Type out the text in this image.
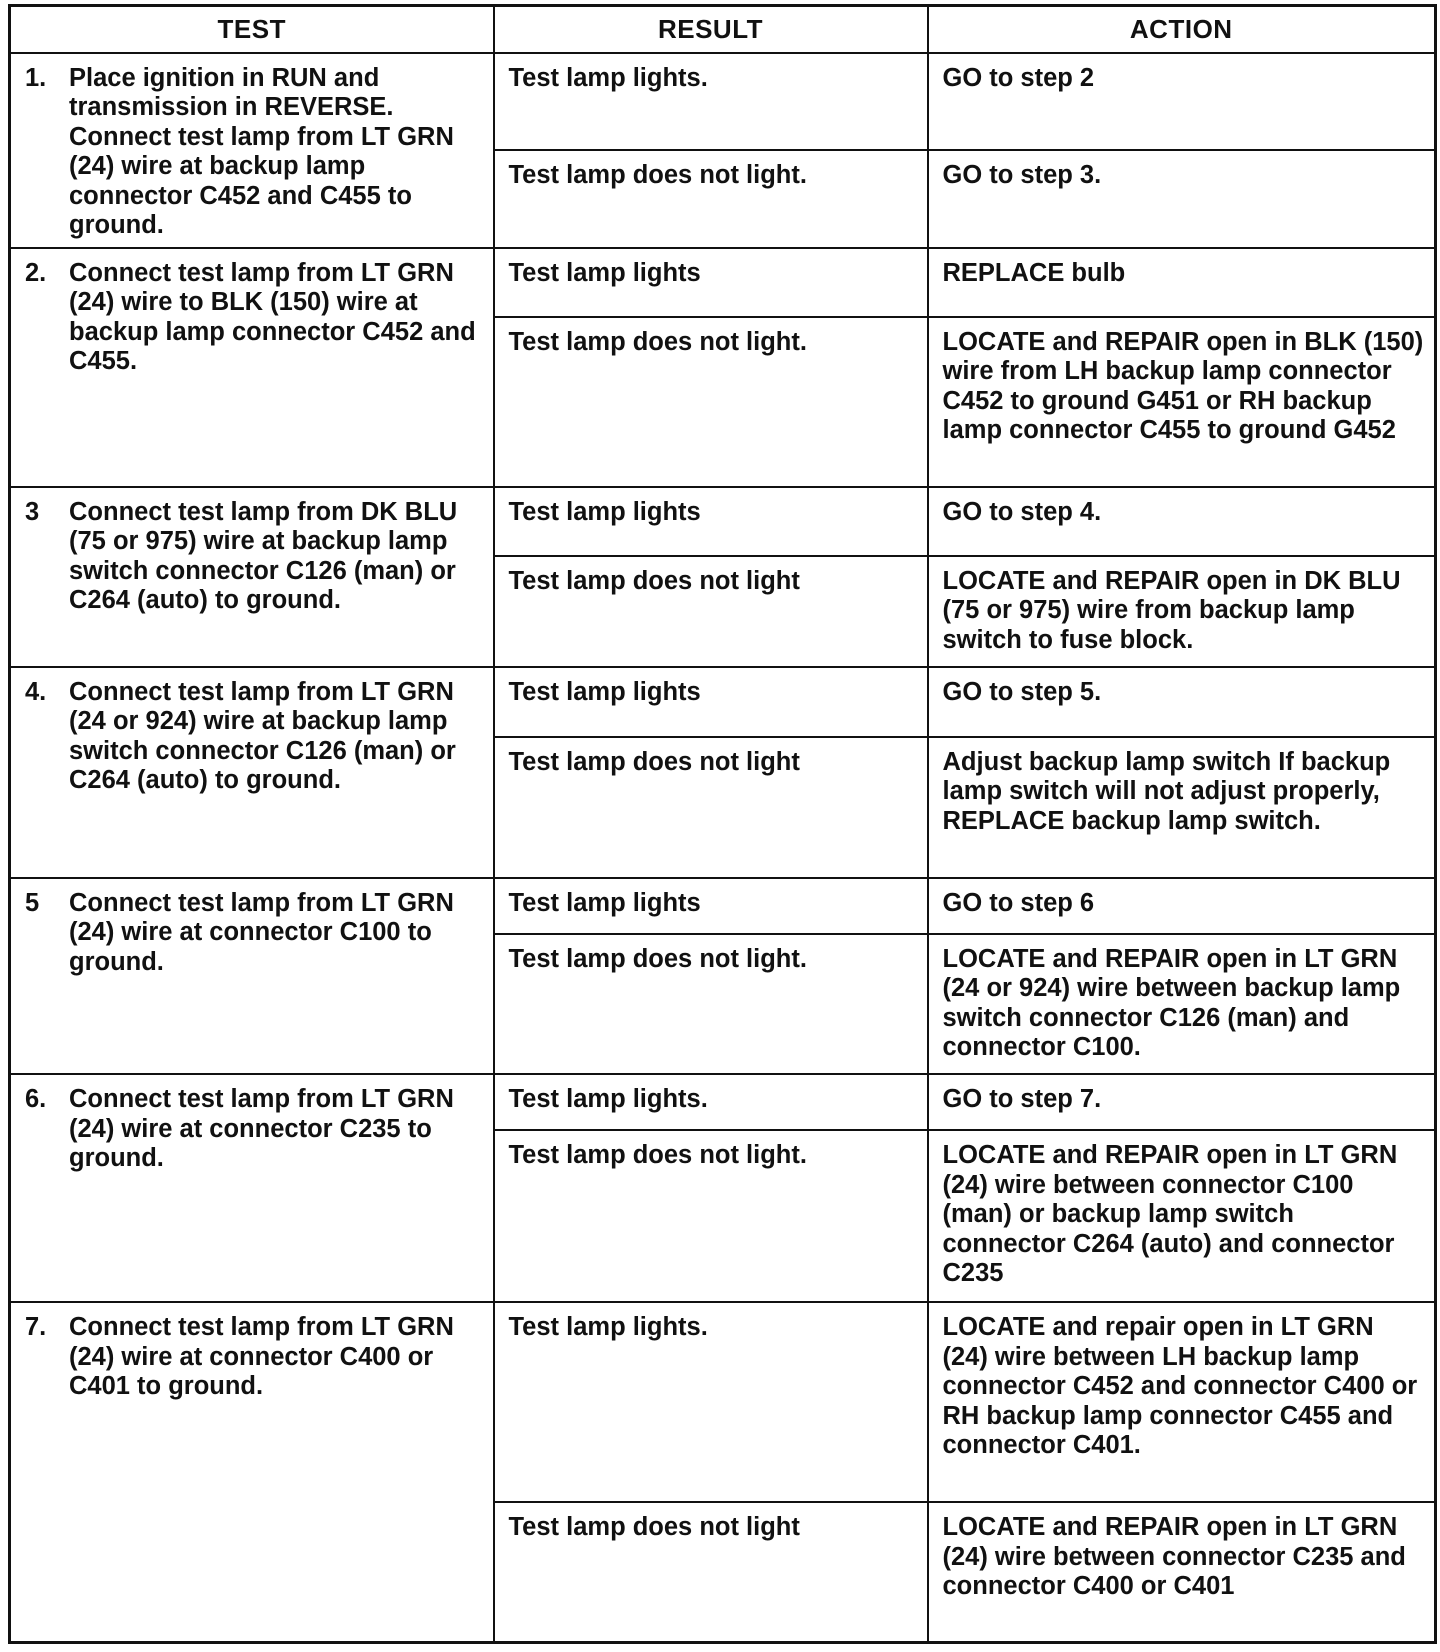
TEST	RESULT	ACTION

1. Place ignition in RUN and transmission in REVERSE. Connect test lamp from LT GRN (24) wire at backup lamp connector C452 and C455 to ground.	Test lamp lights.	GO to step 2

	Test lamp does not light.	GO to step 3.

2. Connect test lamp from LT GRN (24) wire to BLK (150) wire at backup lamp connector C452 and C455.	Test lamp lights	REPLACE bulb

	Test lamp does not light.	LOCATE and REPAIR open in BLK (150) wire from LH backup lamp connector C452 to ground G451 or RH backup lamp connector C455 to ground G452

3 Connect test lamp from DK BLU (75 or 975) wire at backup lamp switch connector C126 (man) or C264 (auto) to ground.	Test lamp lights	GO to step 4.

	Test lamp does not light	LOCATE and REPAIR open in DK BLU (75 or 975) wire from backup lamp switch to fuse block.

4. Connect test lamp from LT GRN (24 or 924) wire at backup lamp switch connector C126 (man) or C264 (auto) to ground.	Test lamp lights	GO to step 5.

	Test lamp does not light	Adjust backup lamp switch If backup lamp switch will not adjust properly, REPLACE backup lamp switch.

5 Connect test lamp from LT GRN (24) wire at connector C100 to ground.	Test lamp lights	GO to step 6

	Test lamp does not light.	LOCATE and REPAIR open in LT GRN (24 or 924) wire between backup lamp switch connector C126 (man) and connector C100.

6. Connect test lamp from LT GRN (24) wire at connector C235 to ground.	Test lamp lights.	GO to step 7.

	Test lamp does not light.	LOCATE and REPAIR open in LT GRN (24) wire between connector C100 (man) or backup lamp switch connector C264 (auto) and connector C235

7. Connect test lamp from LT GRN (24) wire at connector C400 or C401 to ground.	Test lamp lights.	LOCATE and repair open in LT GRN (24) wire between LH backup lamp connector C452 and connector C400 or RH backup lamp connector C455 and connector C401.

	Test lamp does not light	LOCATE and REPAIR open in LT GRN (24) wire between connector C235 and connector C400 or C401
